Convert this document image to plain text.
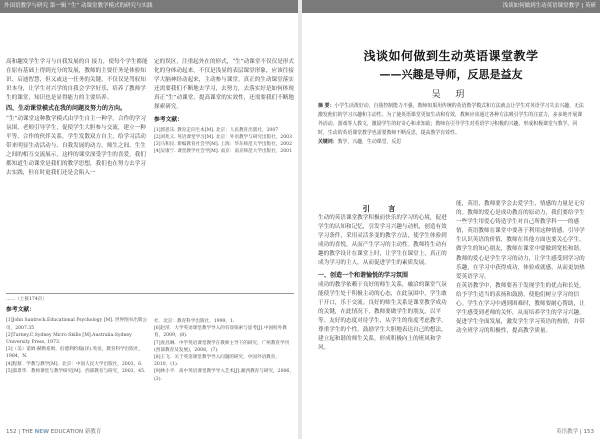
外国语教学与研究 第一辑 “生” 动课堂教学模式的研究与实践	浅谈如何做到生动英语课堂教学 | 英研

高和趣发学生学习与自我发展的自 接力，使每个学生都能在原有基础上得到充分的发展，教师的主要任务是体验知识、启迪智慧，但又或这一任务的关键，不仅仅是驾驭知识本身，让学生对兴学的自我会学学好乐，培养了教师学生的课堂，知识也是显得能力的主要培养。

四、生动课堂模式在我的问题及努力的方向。

“生”动课堂这种教学模式由学生自主一种学。合作的学习氛围，老师引导学生，促使学生大胆参与交流，建立一种平等、合作的伙伴关系，学生发散双方自主，给学习活动带来明显生动活动与、自我发展的动力，师生之间、生生之间的相互交流展示，这样的课堂深受学生的喜爱，我们都知道生动课堂是我们的教学思想，我们也在努力去学习去实践，但在时更我们还是会陷入一

定的误区，注重起外在的形式，“生”动课堂不仅仅是形式化的身体动起来，不仅是浅显的表层课堂形象，应该往接学大脑神经动起来，主动参与课堂。真正的生动课堂落实还需要我们不断地去学习，去努力，去落实好是如何体现真正“生”动课堂，提高课堂的实效性，还需要我们不断地探索研究。

参考文献：
[1]郭思乐. 教育走向生本[M]. 北京：人民教育出版社，2007
[2]刘兆义. 英语课堂学习[M]. 北京：外语教学与研究出版社，2003
[3]马和民. 新编教育社会学[M]. 上海：华东师范大学出版社，2002
[4]吴康宁. 课堂教学社会学[M]. 南京：南京师范大学出版社，2001
……（上接174页）
参考文献：
[1]John Santrock.Educational Psychology [M]. 世界图书出版公司，2007.35
[2]Turney,C,Sydney Micro Skills [M].Australia:Sydney University Press, 1973.
[3]（美）诺姆·赫勒希姆，伯德利约翰(译).英语，教育科学出版社，1984，N.
[4]程蔡．学教与教学[M]．北京：中国人民大学出版社，2003，6.
[5]邵景华．教师课堂与教学研究[M]．西部教育与研究，2003，45.
社．北京：教育科学出版社，1999，1.
[6]赵萍．大学英语课堂教学导入的有效探索与思考[J].中国校外教育，2009，(8).
[7]查昌琳．中学英语课堂教学在教师主导下的研究，广州教育学刊(西部教育及发展)，2008，(7).
[8]王飞．关于英语课堂教学导入问题的研究，中国外语教育，2010，(1).
[9]林小平．高中英语课堂教学导入艺术[J].湘西教育与研究，2006，(3).
152 | THE NEW EDUCATION 新教育
浅谈如何做到生动英语课堂教学
——兴趣是导师，反思是益友
吴 玥
摘 要：小学生活泼好动，自我控制能力不强，教师如果用传统的英语教学模式和方法就会让学生对英语学习失去兴趣，无法激发他们的学习兴趣和主动性。为了使英语课堂更加生动和有效，教师应该通过各种方法吸引学生的注意力，多多地开展课外活动、游戏等人教文，激励学生的好奇心和求知欲；教师在引导学生对英语学习积极的兴趣，形成积极课堂与教学。同时，生动的英语课堂教学也需要教师不断反思，提高教学有效性。
关键词：教学，兴趣，生动课堂，反思
引 言

生动的英语课堂教学积极而快乐的学习的心境，促进学生的认知和记忆，引发学习兴趣与动机，创造有效学习条件，采用灵活多变的教学方法，使学生体验到成功的喜悦，从而产生学习的主动性。教师将生动有趣的教学设计在课堂上时，让学生在课堂上，真正的成为学习的主人，从而促进学生的素质发展。

一、创造一个和谐愉悦的学习氛围

成功的教学依赖于良好的师生关系，融洽的课堂气氛能使学生处于积极主动的心态，在此氛围中，学生敢于开口，乐于交流。良好的师生关系是课堂教学成功的关键，在此情况下，教师要做学生的朋友，以平等、友好的态度对待学生，从学生的角度考虑教学，尊重学生的个性，鼓励学生大胆地表达自己的想法，建立起和谐的师生关系，形成积极向上的班风和学风。

能，英语，教师要学会去爱学生，情感的力量是无穷的。教师的爱心是成功教育的原动力，我们要给学生一些学生用爱心铸造学生对自己所教学科一一的感情，英语教师在课堂中要善于利用这种情感，引导学生认识英语的价值，教师在其他方面也要关心学生，做学生的知心朋友，教师在课堂中要做到宽松和谐，教师的爱心是学生学习的动力，让学生感受到学习的乐趣，在学习中获得成功，体验成就感，从而更加热爱英语学习。

在英语教学中，教师要善于发现学生的优点和长处，给予学生适当的表扬和鼓励，使他们树立学习的信心。学生在学习中遇到困难时，教师要耐心帮助，让学生感受到老师的关怀，从而培养学生的学习兴趣，促进学生全面发展，激发学生学习英语的热情，并带动全班学习的积极性，提高教学质量。

英语教学 | 153
